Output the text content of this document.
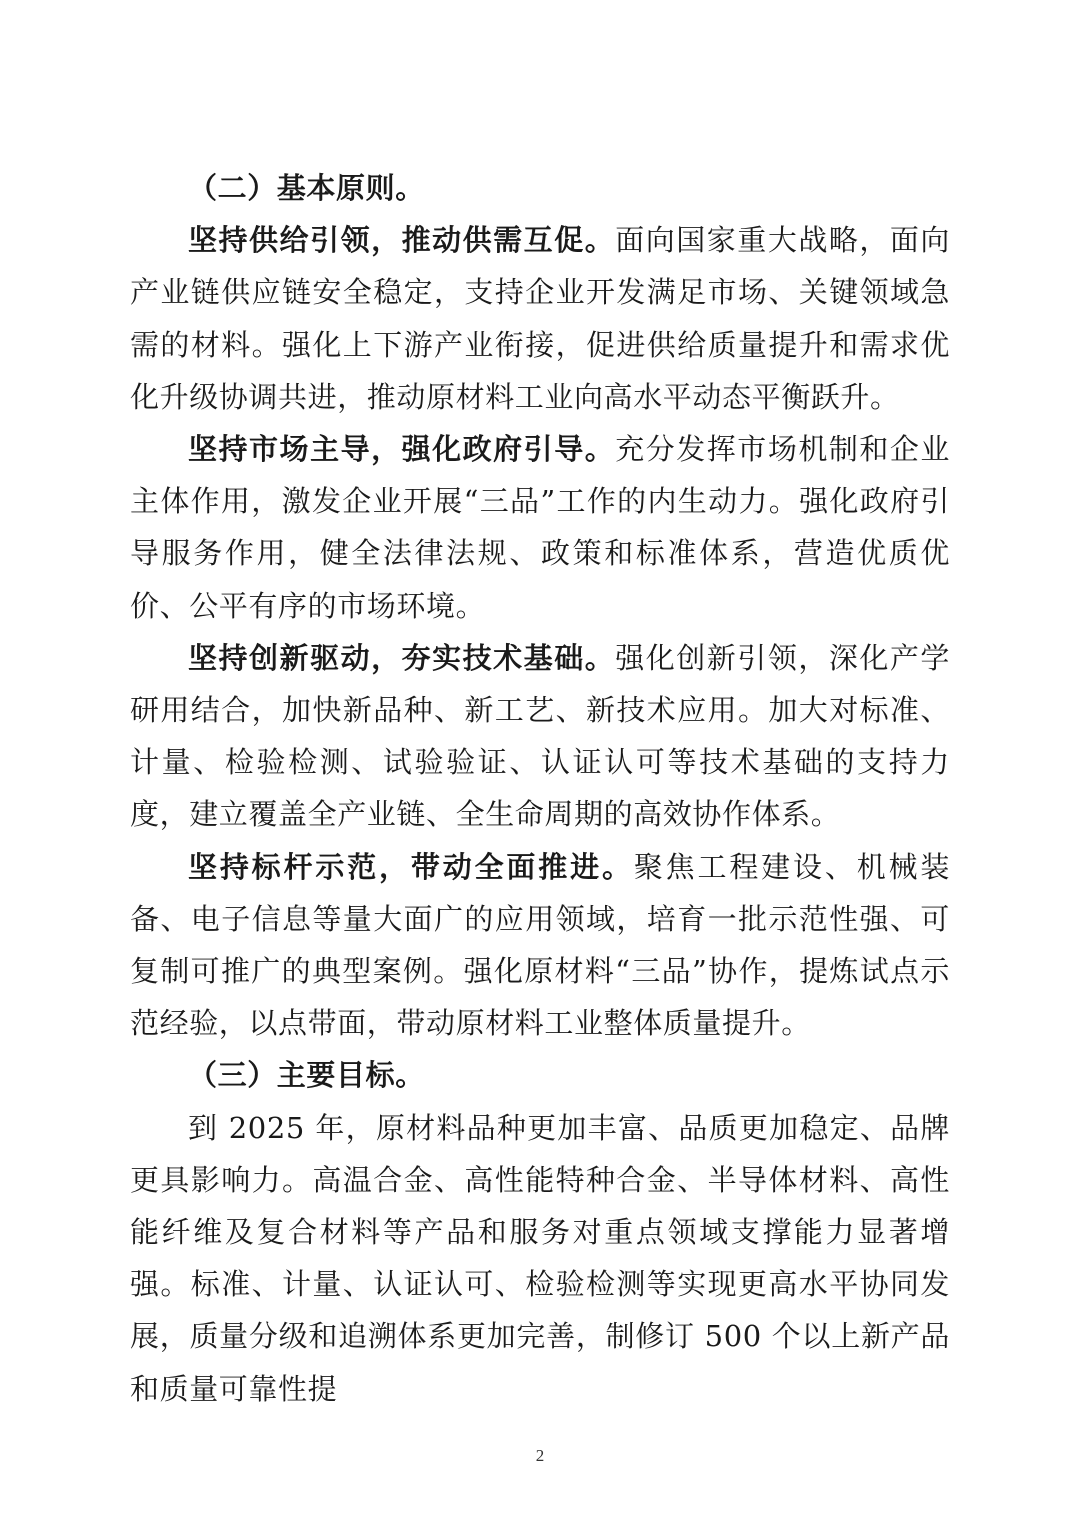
（二）基本原则。

坚持供给引领，推动供需互促。面向国家重大战略，面向产业链供应链安全稳定，支持企业开发满足市场、关键领域急需的材料。强化上下游产业衔接，促进供给质量提升和需求优化升级协调共进，推动原材料工业向高水平动态平衡跃升。

坚持市场主导，强化政府引导。充分发挥市场机制和企业主体作用，激发企业开展“三品”工作的内生动力。强化政府引导服务作用，健全法律法规、政策和标准体系，营造优质优价、公平有序的市场环境。

坚持创新驱动，夯实技术基础。强化创新引领，深化产学研用结合，加快新品种、新工艺、新技术应用。加大对标准、计量、检验检测、试验验证、认证认可等技术基础的支持力度，建立覆盖全产业链、全生命周期的高效协作体系。

坚持标杆示范，带动全面推进。聚焦工程建设、机械装备、电子信息等量大面广的应用领域，培育一批示范性强、可复制可推广的典型案例。强化原材料“三品”协作，提炼试点示范经验，以点带面，带动原材料工业整体质量提升。

（三）主要目标。

到 2025 年，原材料品种更加丰富、品质更加稳定、品牌更具影响力。高温合金、高性能特种合金、半导体材料、高性能纤维及复合材料等产品和服务对重点领域支撑能力显著增强。标准、计量、认证认可、检验检测等实现更高水平协同发展，质量分级和追溯体系更加完善，制修订 500 个以上新产品和质量可靠性提

2
